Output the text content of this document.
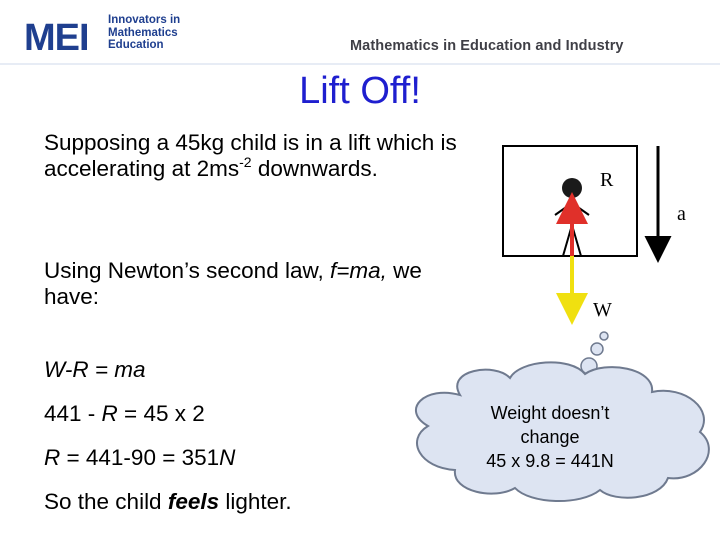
MEI Innovators in
Mathematics
Education	Mathematics in Education and Industry
Lift Off!
Supposing a 45kg child is in a lift which is accelerating at $2ms^{-2}$ downwards.
Using Newton’s second law, f=ma, we have:
W-R = ma
441 - R = 45 x 2
R = 441-90 = 351N
So the child feels lighter.
R
W
a
Weight doesn’t
change
45 x 9.8 = 441N
